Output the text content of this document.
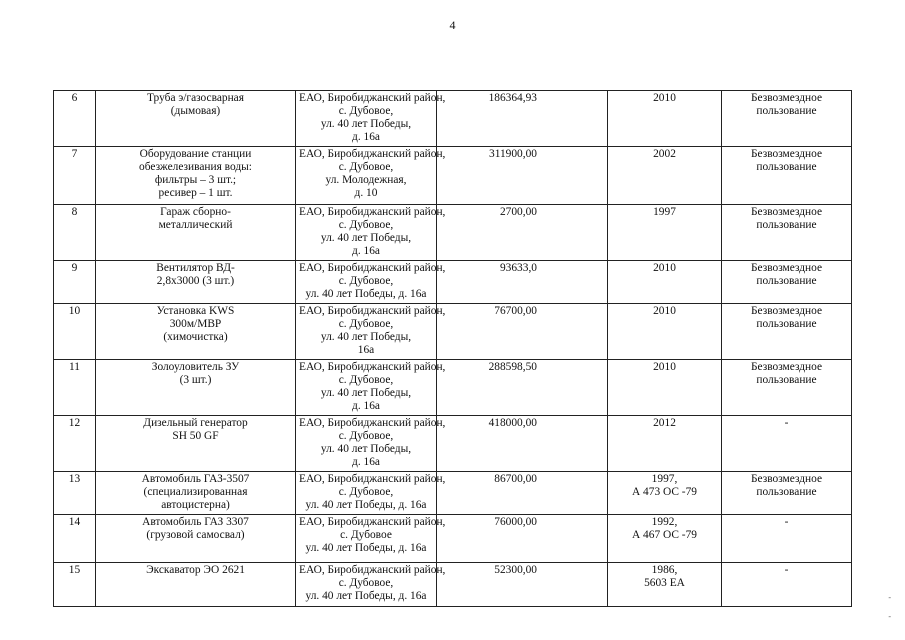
4
6	Труба э/газосварная
(дымовая)	ЕАО, Биробиджанский район,
с. Дубовое,
ул. 40 лет Победы,
д. 16а	186364,93	2010	Безвозмездное
пользование

7	Оборудование станции
обезжелезивания воды:
фильтры – 3 шт.;
ресивер – 1 шт.	ЕАО, Биробиджанский район,
с. Дубовое,
ул. Молодежная,
д. 10	311900,00	2002	Безвозмездное
пользование

8	Гараж сборно-
металлический	ЕАО, Биробиджанский район,
с. Дубовое,
ул. 40 лет Победы,
д. 16а	2700,00	1997	Безвозмездное
пользование

9	Вентилятор ВД-
2,8х3000 (3 шт.)	ЕАО, Биробиджанский район,
с. Дубовое,
ул. 40 лет Победы, д. 16а	93633,0	2010	Безвозмездное
пользование

10	Установка KWS
300м/МВР
(химочистка)	ЕАО, Биробиджанский район,
с. Дубовое,
ул. 40 лет Победы,
16а	76700,00	2010	Безвозмездное
пользование

11	Золоуловитель ЗУ
(3 шт.)	ЕАО, Биробиджанский район,
с. Дубовое,
ул. 40 лет Победы,
д. 16а	288598,50	2010	Безвозмездное
пользование

12	Дизельный генератор
SH 50 GF	ЕАО, Биробиджанский район,
с. Дубовое,
ул. 40 лет Победы,
д. 16а	418000,00	2012	-

13	Автомобиль ГАЗ-3507
(специализированная
автоцистерна)	ЕАО, Биробиджанский район,
с. Дубовое,
ул. 40 лет Победы, д. 16а	86700,00	1997,
А 473 ОС -79	Безвозмездное
пользование

14	Автомобиль ГАЗ 3307
(грузовой самосвал)	ЕАО, Биробиджанский район,
с. Дубовое
ул. 40 лет Победы, д. 16а	76000,00	1992,
А 467 ОС -79	-

15	Экскаватор ЭО 2621	ЕАО, Биробиджанский район,
с. Дубовое,
ул. 40 лет Победы, д. 16а	52300,00	1986,
5603 ЕА	-
-
-
